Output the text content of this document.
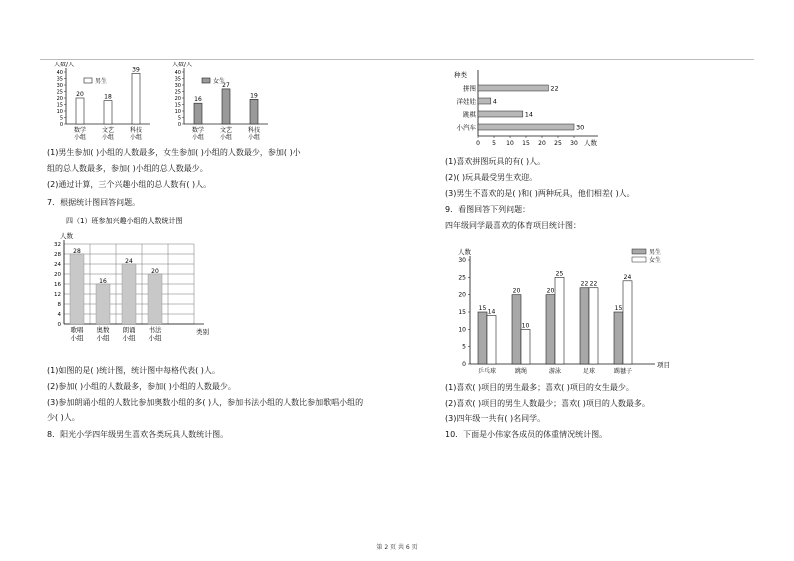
人数/人
0
5
10
15
20
25
30
35
40
男生
20
数学
小组
18
文艺
小组
39
科技
小组
人数/人
0
5
10
15
20
25
30
35
40
女生
16
数学
小组
27
文艺
小组
19
科技
小组
(1)男生参加( )小组的人数最多，女生参加( )小组的人数最少，参加( )小
组的总人数最多，参加( )小组的总人数最少。
(2)通过计算，三个兴趣小组的总人数有( )人。
7．根据统计图回答问题。
四（1）班参加兴趣小组的人数统计图
人数
0
4
8
12
16
20
24
28
32
类别
28
歌唱
小组
16
奥数
小组
24
朗诵
小组
20
书法
小组
(1)如图的是( )统计图，统计图中每格代表( )人。
(2)参加( )小组的人数最多，参加( )小组的人数最少。
(3)参加朗诵小组的人数比参加奥数小组的多( )人，参加书法小组的人数比参加歌唱小组的
少( )人。
8．阳光小学四年级男生喜欢各类玩具人数统计图。
种类
0 5 10 15 20 25 30 人数
拼图	22
洋娃娃	4
跳棋	14
小汽车	30
(1)喜欢拼图玩具的有( )人。
(2)( )玩具最受男生欢迎。
(3)男生不喜欢的是( )和( )两种玩具，他们相差( )人。
9．看图回答下列问题：
四年级同学最喜欢的体育项目统计图：
人数
项目
0
5
10
15
20
25
30
男生
女生
15 14
乒乓球
20
10
跳绳
20
25
游泳
22 22
足球
15
24
踢毽子
(1)喜欢( )项目的男生最多；喜欢( )项目的女生最少。
(2)喜欢( )项目的男生人数最少；喜欢( )项目的人数最多。
(3)四年级一共有( )名同学。
10．下面是小伟家各成员的体重情况统计图。
第 2 页 共 6 页
